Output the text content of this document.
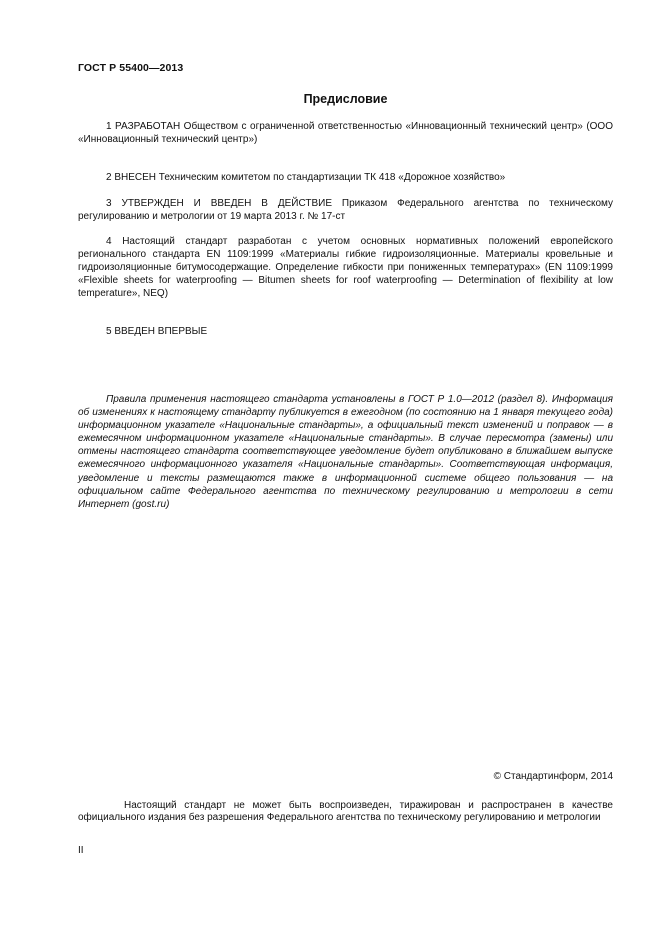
ГОСТ Р 55400—2013
Предисловие

1 РАЗРАБОТАН Обществом с ограниченной ответственностью «Инновационный технический центр» (ООО «Инновационный технический центр»)

2 ВНЕСЕН Техническим комитетом по стандартизации ТК 418 «Дорожное хозяйство»

3 УТВЕРЖДЕН И ВВЕДЕН В ДЕЙСТВИЕ Приказом Федерального агентства по техническому регулированию и метрологии от 19 марта 2013 г. № 17-ст

4 Настоящий стандарт разработан с учетом основных нормативных положений европейского регионального стандарта EN 1109:1999 «Материалы гибкие гидроизоляционные. Материалы кровельные и гидроизоляционные битумосодержащие. Определение гибкости при пониженных температурах» (EN 1109:1999 «Flexible sheets for waterproofing — Bitumen sheets for roof waterproofing — Determination of flexibility at low temperature», NEQ)

5 ВВЕДЕН ВПЕРВЫЕ

Правила применения настоящего стандарта установлены в ГОСТ Р 1.0—2012 (раздел 8). Информация об изменениях к настоящему стандарту публикуется в ежегодном (по состоянию на 1 января текущего года) информационном указателе «Национальные стандарты», а официальный текст изменений и поправок — в ежемесячном информационном указателе «Национальные стандарты». В случае пересмотра (замены) или отмены настоящего стандарта соответствующее уведомление будет опубликовано в ближайшем выпуске ежемесячного информационного указателя «Национальные стандарты». Соответствующая информация, уведомление и тексты размещаются также в информационной системе общего пользования — на официальном сайте Федерального агентства по техническому регулированию и метрологии в сети Интернет (gost.ru)

© Стандартинформ, 2014

Настоящий стандарт не может быть воспроизведен, тиражирован и распространен в качестве официального издания без разрешения Федерального агентства по техническому регулированию и метрологии

II
